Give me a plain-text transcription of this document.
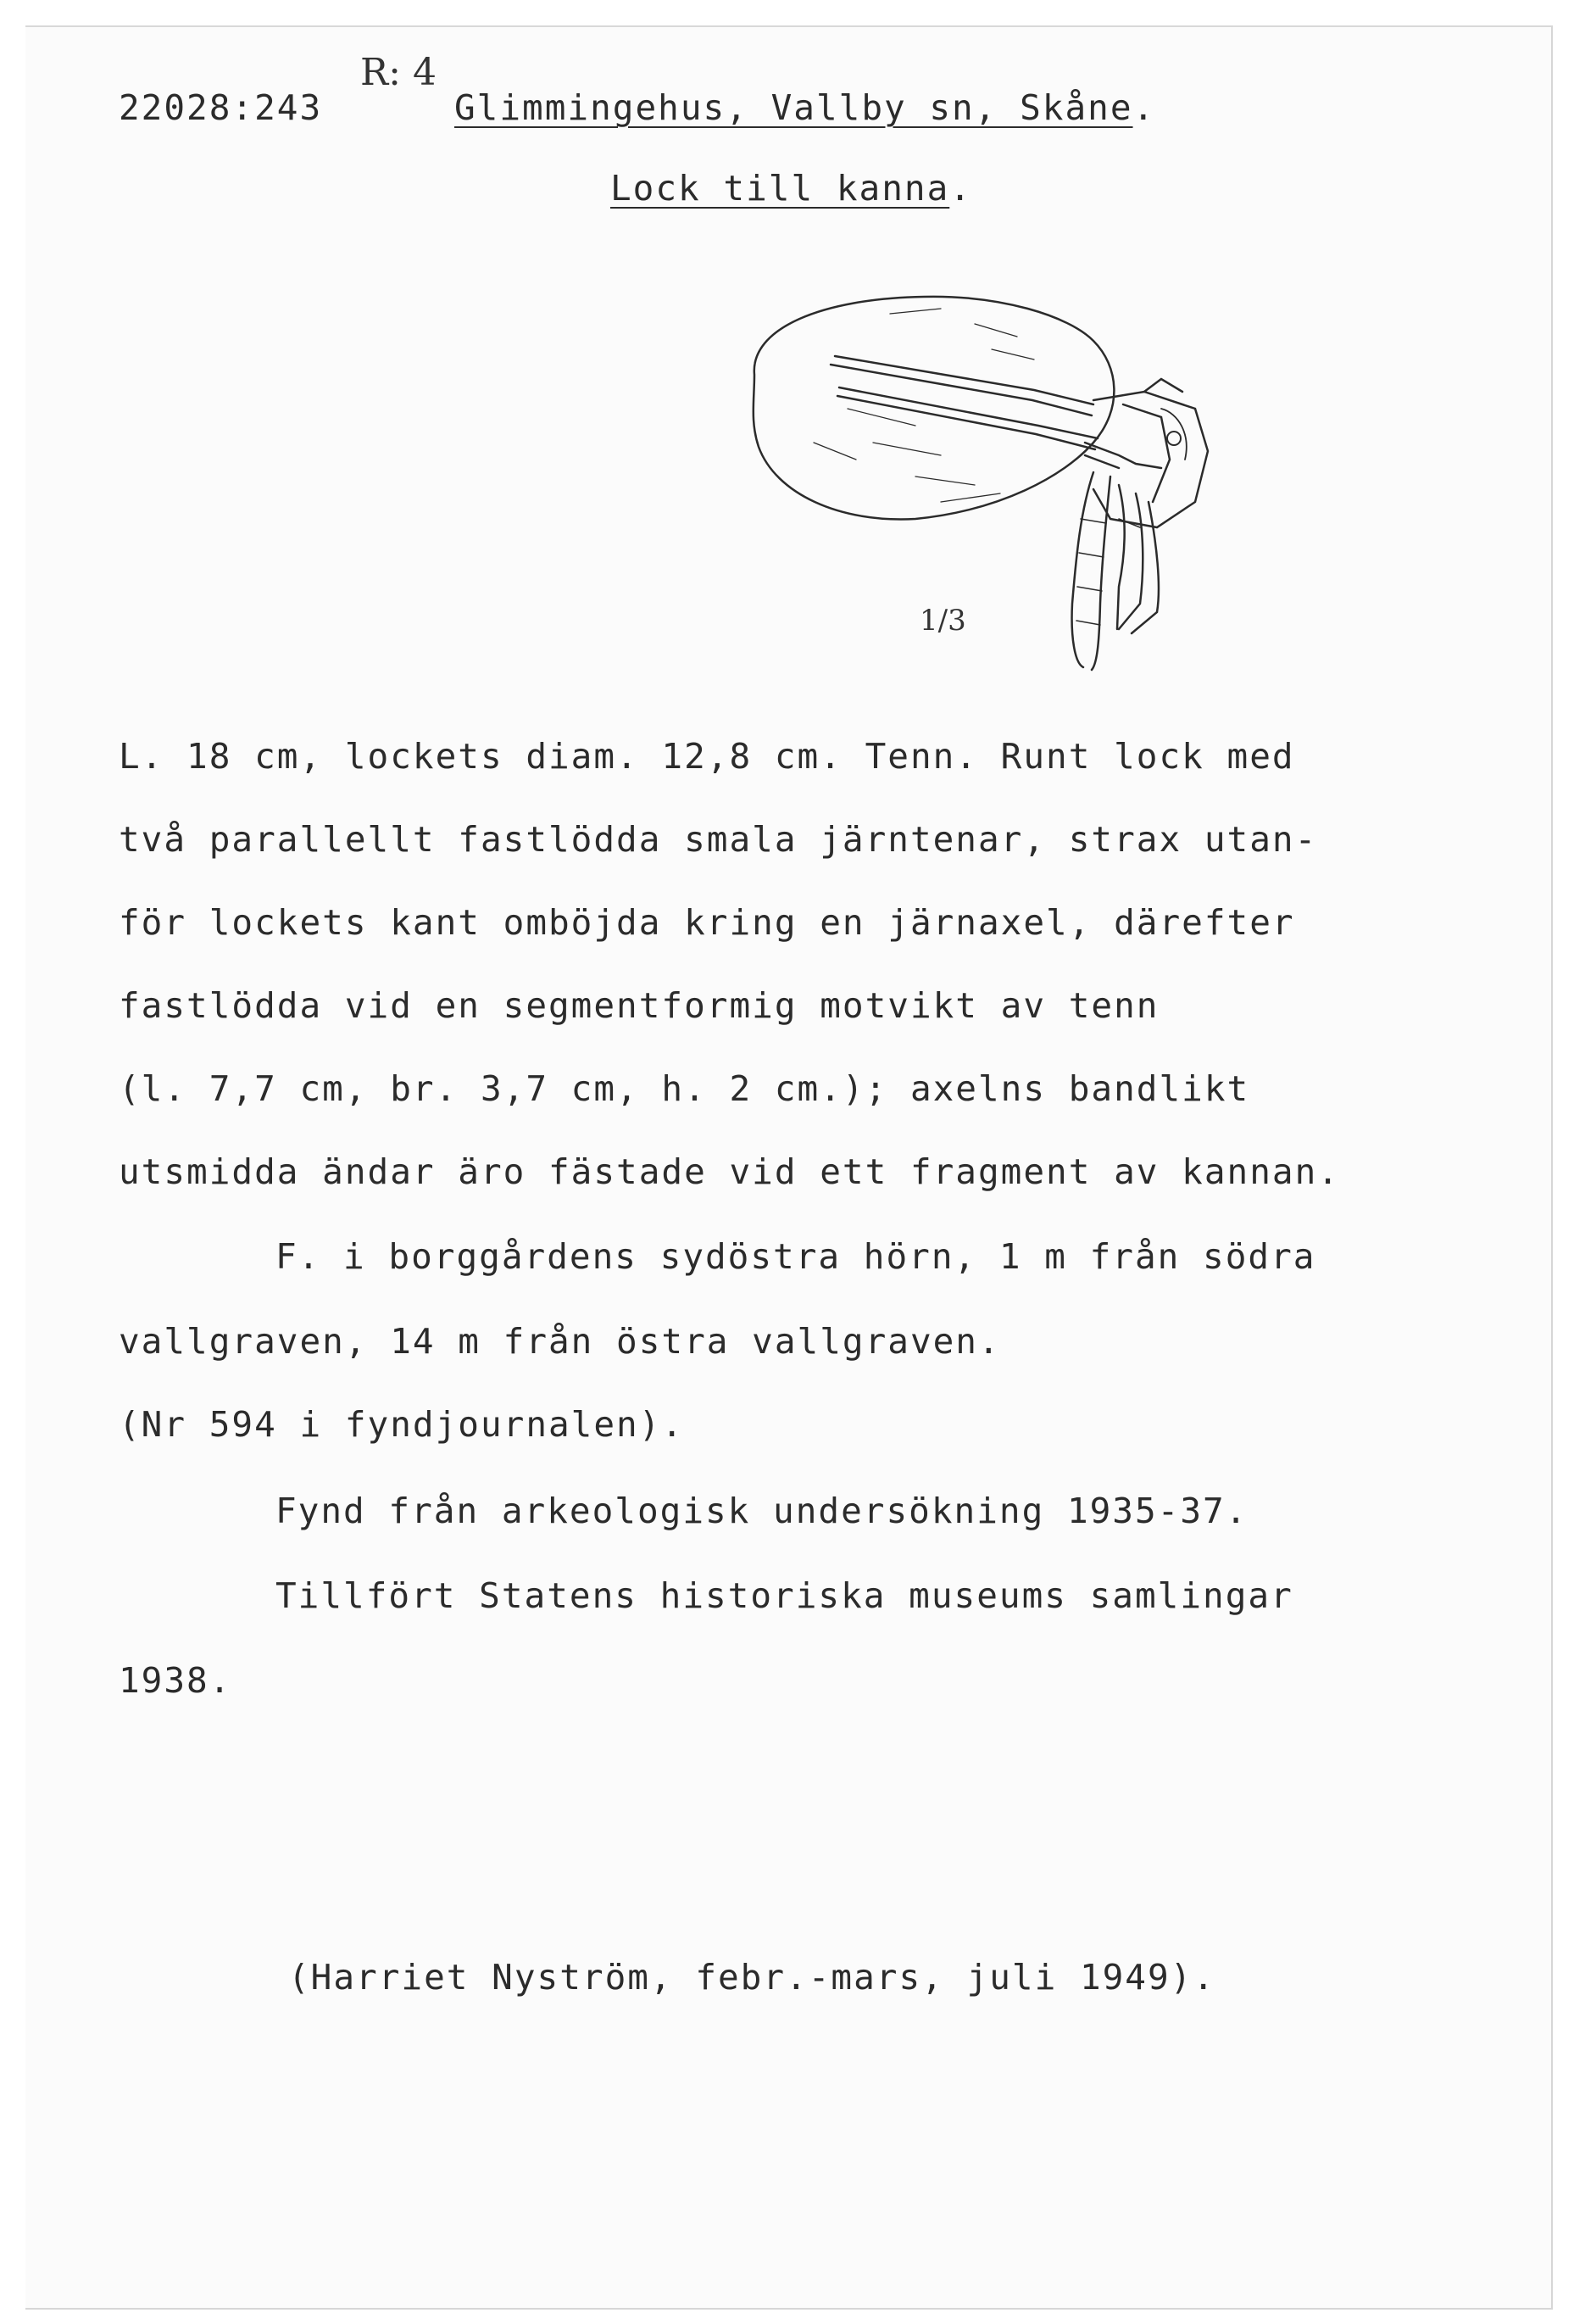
22028:243
R: 4
Glimmingehus, Vallby sn, Skåne.
Lock till kanna.
1/3
L. 18 cm, lockets diam. 12,8 cm. Tenn. Runt lock med
två parallellt fastlödda smala järntenar, strax utan-
för lockets kant omböjda kring en järnaxel, därefter
fastlödda vid en segmentformig motvikt av tenn
(l. 7,7 cm, br. 3,7 cm, h. 2 cm.); axelns bandlikt
utsmidda ändar äro fästade vid ett fragment av kannan.
F. i borggårdens sydöstra hörn, 1 m från södra
vallgraven, 14 m från östra vallgraven.
(Nr 594 i fyndjournalen).
Fynd från arkeologisk undersökning 1935-37.
Tillfört Statens historiska museums samlingar
1938.
(Harriet Nyström, febr.-mars, juli 1949).
